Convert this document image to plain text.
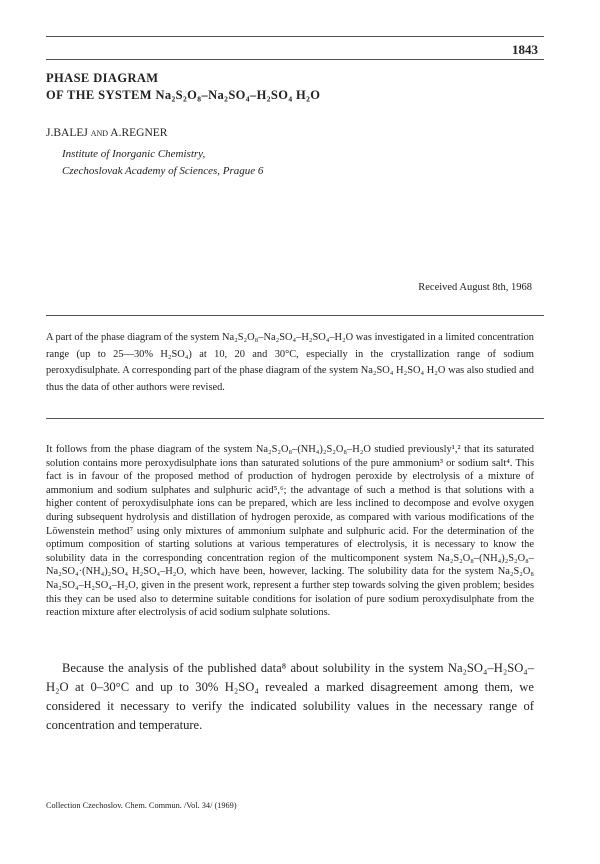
1843
PHASE DIAGRAM
OF THE SYSTEM Na₂S₂O₈–Na₂SO₄–H₂SO₄ H₂O
J.BALEJ and A.REGNER
Institute of Inorganic Chemistry,
Czechoslovak Academy of Sciences, Prague 6
Received August 8th, 1968
A part of the phase diagram of the system Na₂S₂O₈–Na₂SO₄–H₂SO₄–H₂O was investigated in a limited concentration range (up to 25—30% H₂SO₄) at 10, 20 and 30°C, especially in the crystallization range of sodium peroxydisulphate. A corresponding part of the phase diagram of the system Na₂SO₄ H₂SO₄ H₂O was also studied and thus the data of other authors were revised.
It follows from the phase diagram of the system Na₂S₂O₈–(NH₄)₂S₂O₈–H₂O studied previously¹,² that its saturated solution contains more peroxydisulphate ions than saturated solutions of the pure ammonium³ or sodium salt⁴. This fact is in favour of the proposed method of production of hydrogen peroxide by electrolysis of a mixture of ammonium and sodium sulphates and sulphuric acid⁵,⁶; the advantage of such a method is that solutions with a higher content of peroxydisulphate ions can be prepared, which are less inclined to decompose and evolve oxygen during subsequent hydrolysis and distillation of hydrogen peroxide, as compared with various modifications of the Löwenstein method⁷ using only mixtures of ammonium sulphate and sulphuric acid. For the determination of the optimum composition of starting solutions at various temperatures of electrolysis, it is necessary to know the solubility data in the corresponding concentration region of the multicomponent system Na₂S₂O₈–(NH₄)₂S₂O₈–Na₂SO₄·(NH₄)₂SO₄ H₂SO₄–H₂O, which have been, however, lacking. The solubility data for the system Na₂S₂O₈ Na₂SO₄–H₂SO₄–H₂O, given in the present work, represent a further step towards solving the given problem; besides this they can be used also to determine suitable conditions for isolation of pure sodium peroxydisulphate from the reaction mixture after electrolysis of acid sodium sulphate solutions.
Because the analysis of the published data⁸ about solubility in the system Na₂SO₄–H₂SO₄–H₂O at 0–30°C and up to 30% H₂SO₄ revealed a marked disagreement among them, we considered it necessary to verify the indicated solubility values in the necessary range of concentration and temperature.
Collection Czechoslov. Chem. Commun. /Vol. 34/ (1969)
